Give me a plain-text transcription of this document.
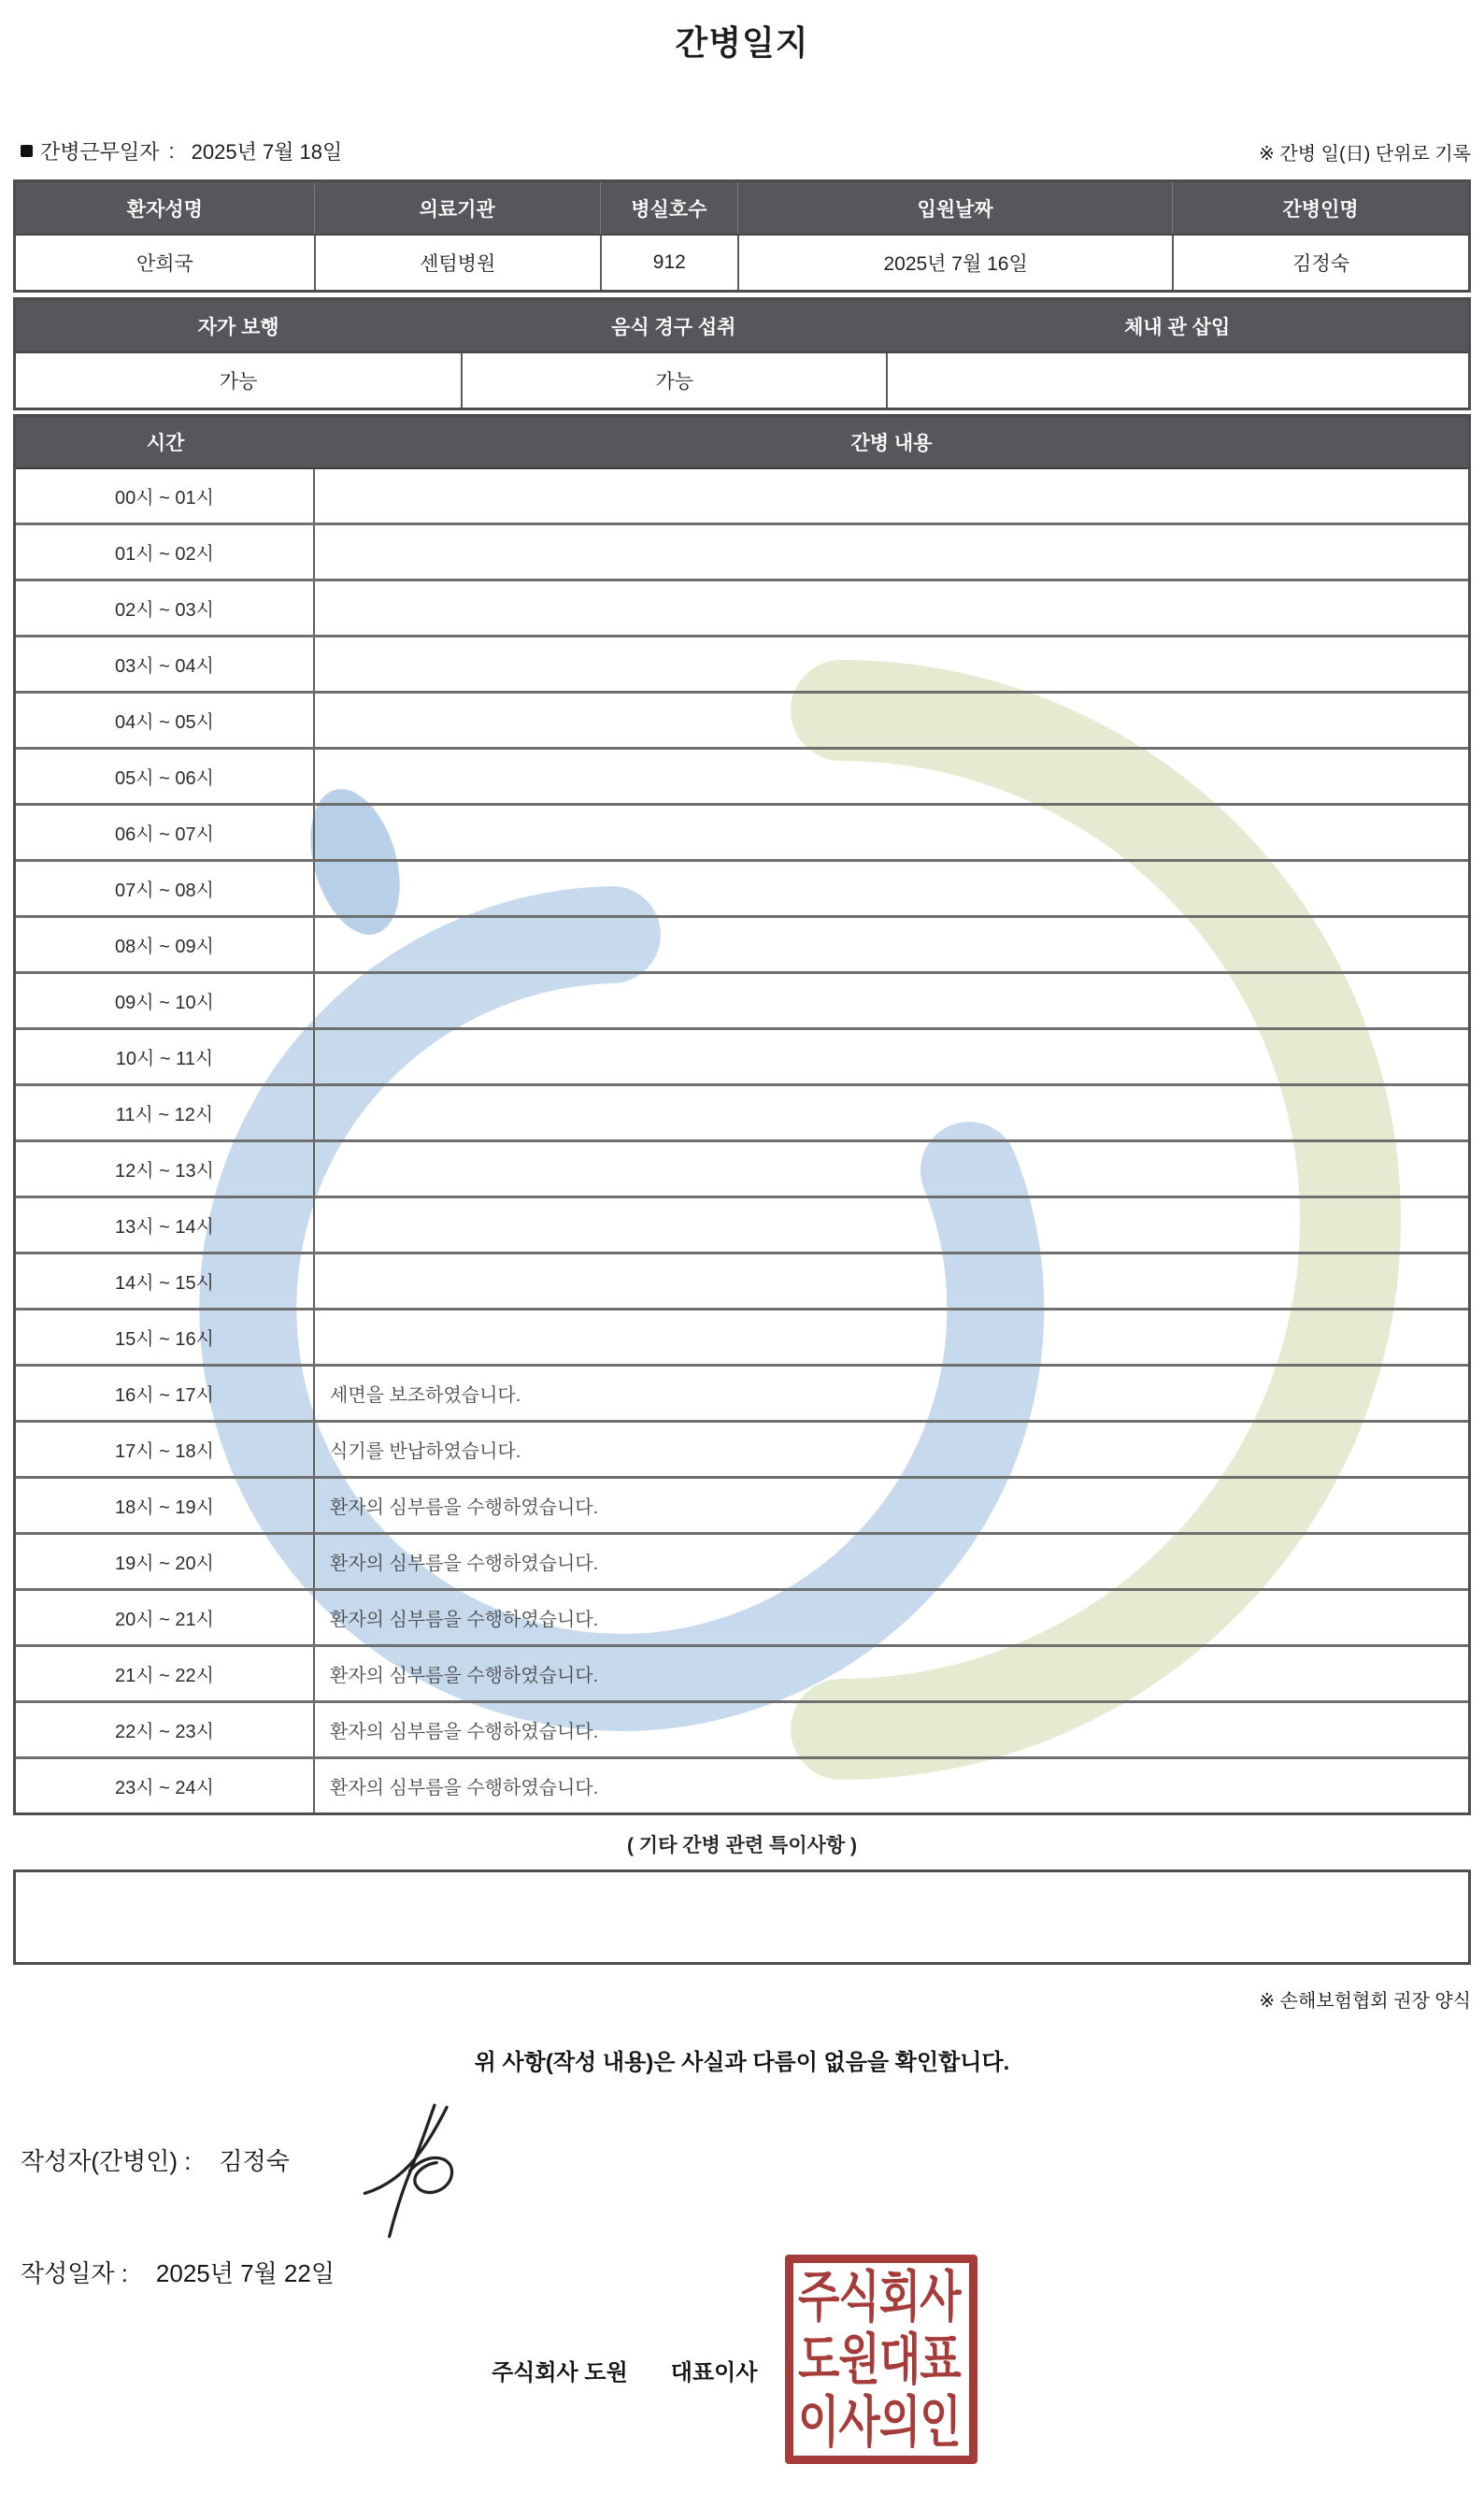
간병일지
간병근무일자 : 2025년 7월 18일	※ 간병 일(日) 단위로 기록
환자성명	의료기관	병실호수	입원날짜	간병인명
안희국	센텀병원	912	2025년 7월 16일	김정숙
자가 보행	음식 경구 섭취	체내 관 삽입
가능	가능
시간	간병 내용
00시 ~ 01시
01시 ~ 02시
02시 ~ 03시
03시 ~ 04시
04시 ~ 05시
05시 ~ 06시
06시 ~ 07시
07시 ~ 08시
08시 ~ 09시
09시 ~ 10시
10시 ~ 11시
11시 ~ 12시
12시 ~ 13시
13시 ~ 14시
14시 ~ 15시
15시 ~ 16시
16시 ~ 17시	세면을 보조하였습니다.
17시 ~ 18시	식기를 반납하였습니다.
18시 ~ 19시	환자의 심부름을 수행하였습니다.
19시 ~ 20시	환자의 심부름을 수행하였습니다.
20시 ~ 21시	환자의 심부름을 수행하였습니다.
21시 ~ 22시	환자의 심부름을 수행하였습니다.
22시 ~ 23시	환자의 심부름을 수행하였습니다.
23시 ~ 24시	환자의 심부름을 수행하였습니다.
( 기타 간병 관련 특이사항 )
※ 손해보험협회 권장 양식
위 사항(작성 내용)은 사실과 다름이 없음을 확인합니다.
작성자(간병인) : 김정숙
작성일자 : 2025년 7월 22일
주식회사 도원 대표이사
주식회사
도원대표
이사의인
